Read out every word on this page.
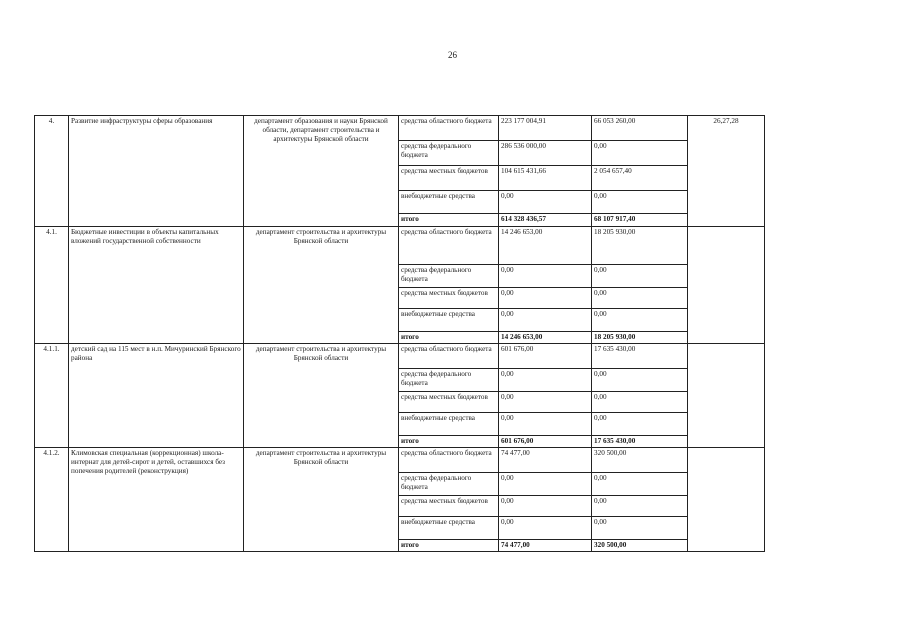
26
4.	Развитие инфраструктуры сферы образования	департамент образования и науки Брянской области, департамент строительства и архитектуры Брянской области	средства областного бюджета	223 177 004,91	66 053 260,00	26,27,28
			средства федерального бюджета	286 536 000,00	0,00	
			средства местных бюджетов	104 615 431,66	2 054 657,40	
			внебюджетные средства	0,00	0,00	
			итого	614 328 436,57	68 107 917,40	
4.1.	Бюджетные инвестиции в объекты капитальных вложений государственной собственности	департамент строительства и архитектуры Брянской области	средства областного бюджета	14 246 653,00	18 205 930,00	
			средства федерального бюджета	0,00	0,00	
			средства местных бюджетов	0,00	0,00	
			внебюджетные средства	0,00	0,00	
			итого	14 246 653,00	18 205 930,00	
4.1.1.	детский сад на 115 мест в н.п. Мичуринский Брянского района	департамент строительства и архитектуры Брянской области	средства областного бюджета	601 676,00	17 635 430,00	
			средства федерального бюджета	0,00	0,00	
			средства местных бюджетов	0,00	0,00	
			внебюджетные средства	0,00	0,00	
			итого	601 676,00	17 635 430,00	
4.1.2.	Климовская специальная (коррекционная) школа-интернат для детей-сирот и детей, оставшихся без попечения родителей (реконструкция)	департамент строительства и архитектуры Брянской области	средства областного бюджета	74 477,00	320 500,00	
			средства федерального бюджета	0,00	0,00	
			средства местных бюджетов	0,00	0,00	
			внебюджетные средства	0,00	0,00	
			итого	74 477,00	320 500,00	
